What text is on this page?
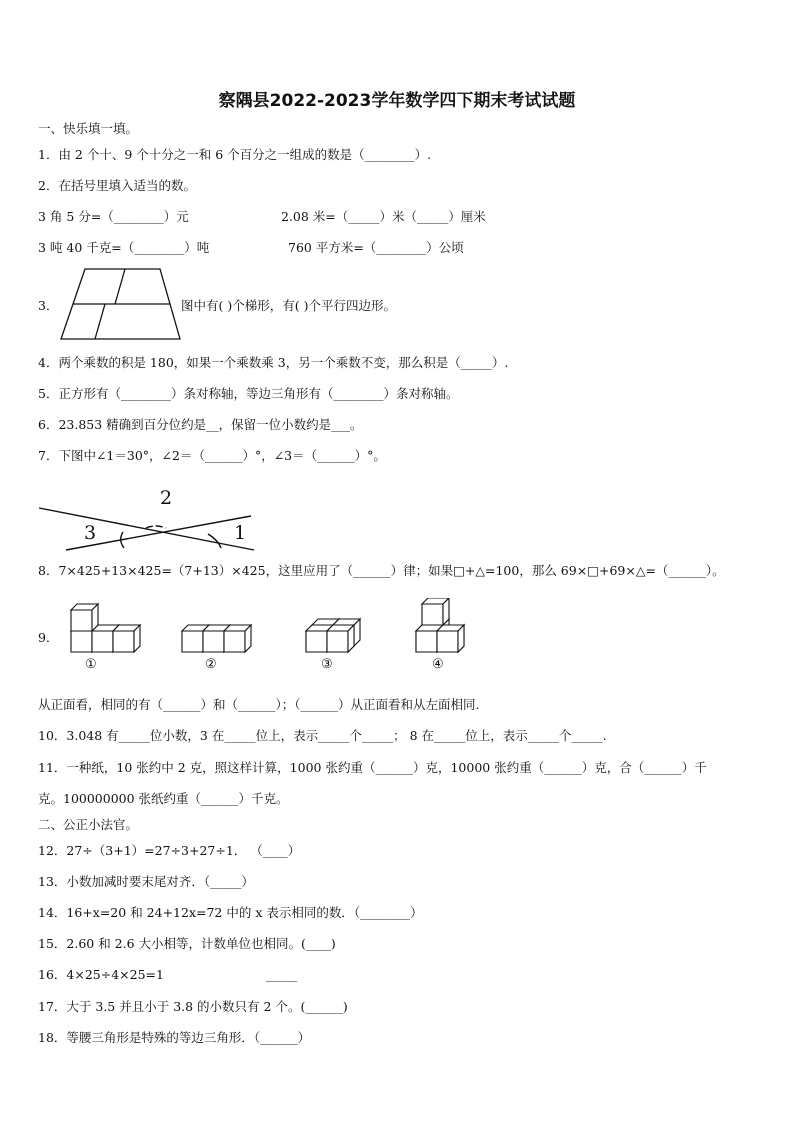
察隅县2022-2023学年数学四下期末考试试题
一、快乐填一填。
1．由 2 个十、9 个十分之一和 6 个百分之一组成的数是（________）.
2．在括号里填入适当的数。
3 角 5 分=（________）元	2.08 米=（_____）米（_____）厘米
3 吨 40 千克=（________）吨	760 平方米=（________）公顷
3．	图中有( )个梯形，有( )个平行四边形。
4．两个乘数的积是 180，如果一个乘数乘 3，另一个乘数不变，那么积是（_____）.
5．正方形有（________）条对称轴，等边三角形有（________）条对称轴。
6．23.853 精确到百分位约是__，保留一位小数约是___。
7．下图中∠1＝30°，∠2＝（______）°，∠3＝（______）°。
2
3	1
8．7×425+13×425=（7+13）×425，这里应用了（______）律；如果□+△=100，那么 69×□+69×△=（______）。
9．
①	②	③	④
从正面看，相同的有（______）和（______）；（______）从正面看和从左面相同.
10．3.048 有_____位小数，3 在_____位上，表示_____个_____； 8 在_____位上，表示_____个_____.
11．一种纸，10 张约中 2 克，照这样计算，1000 张约重（______）克，10000 张约重（______）克，合（______）千
克。100000000 张纸约重（______）千克。
二、公正小法官。
12．27÷（3+1）=27÷3+27÷1． （____）
13．小数加减时要末尾对齐．（_____）
14．16+x=20 和 24+12x=72 中的 x 表示相同的数．（________）
15．2.60 和 2.6 大小相等，计数单位也相同。(____)
16．4×25÷4×25=1	_____
17．大于 3.5 并且小于 3.8 的小数只有 2 个。(______)
18．等腰三角形是特殊的等边三角形．（______）
